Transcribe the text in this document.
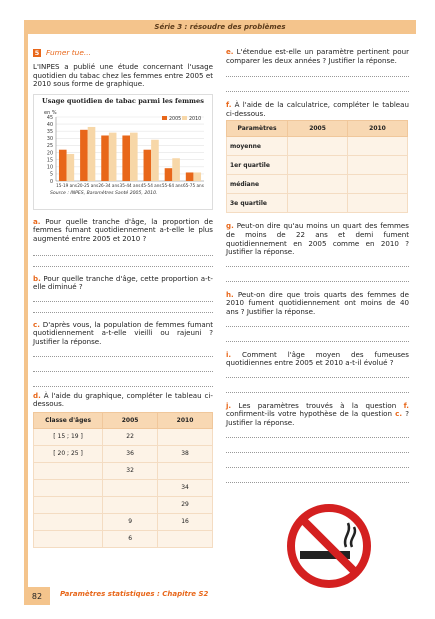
Série 3 : résoudre des problèmes
5 Fumer tue...

L'INPES a publié une étude concernant l'usage quotidien du tabac chez les femmes entre 2005 et 2010 sous forme de graphique.

Usage quotidien de tabac parmi les femmes
en %
0
5
10
15
20
25
30
35
40
45
15-19 ans 20-25 ans 26-34 ans 35-44 ans 45-54 ans 55-64 ans 65-75 ans
2005 2010
Source : INPES, Baromètres Santé 2005, 2010.

a. Pour quelle tranche d'âge, la proportion de femmes fumant quotidiennement a-t-elle le plus augmenté entre 2005 et 2010 ?

b. Pour quelle tranche d'âge, cette proportion a-t-elle diminué ?

c. D'après vous, la population de femmes fumant quotidiennement a-t-elle vieilli ou rajeuni ? Justifier la réponse.

d. À l'aide du graphique, compléter le tableau ci-dessous.

Classe d'âges	2005	2010
[ 15 ; 19 ]	22	
[ 20 ; 25 ]	36	38
	32	
		34
		29
	9	16
	6	

e. L'étendue est-elle un paramètre pertinent pour comparer les deux années ? Justifier la réponse.

f. À l'aide de la calculatrice, compléter le tableau ci-dessous.

Paramètres	2005	2010
moyenne		
1er quartile		
médiane		
3e quartile		

g. Peut-on dire qu'au moins un quart des femmes de moins de 22 ans et demi fument quotidiennement en 2005 comme en 2010 ? Justifier la réponse.

h. Peut-on dire que trois quarts des femmes de 2010 fument quotidiennement ont moins de 40 ans ? Justifier la réponse.

i. Comment l'âge moyen des fumeuses quotidiennes entre 2005 et 2010 a-t-il évolué ?

j. Les paramètres trouvés à la question f. confirment-ils votre hypothèse de la question c. ? Justifier la réponse.

82	Paramètres statistiques : Chapitre S2
